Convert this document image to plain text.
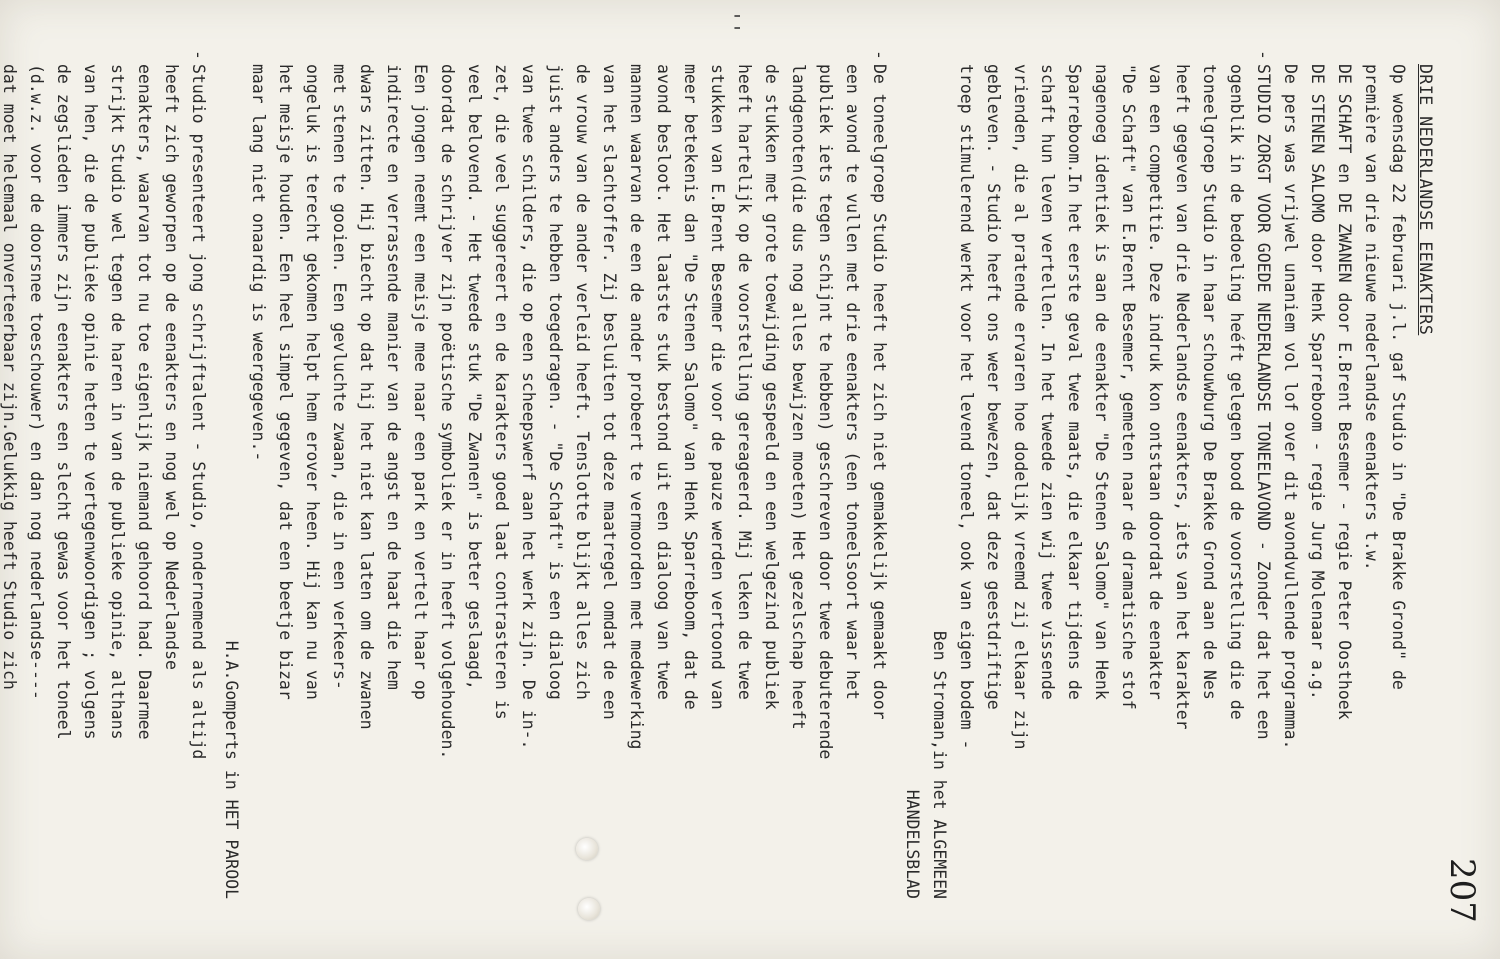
''
207
DRIE NEDERLANDSE EENAKTERS
Op woensdag 22 februari j.l. gaf Studio in "De Brakke Grond" de
première van drie nieuwe nederlandse eenakters t.w.
DE SCHAFT en DE ZWANEN door E.Brent Besemer - regie Peter Oosthoek
DE STENEN SALOMO door Henk Sparreboom - regie Jurg Molenaar a.g.
De pers was vrijwel unaniem vol lof over dit avondvullende programma.
-
STUDIO ZORGT VOOR GOEDE NEDERLANDSE TONEELAVOND - Zonder dat het een
ogenblik in de bedoeling heéft gelegen bood de voorstelling die de
toneelgroep Studio in haar schouwburg De Brakke Grond aan de Nes
heeft gegeven van drie Nederlandse eenakters, iets van het karakter
van een competitie. Deze indruk kon ontstaan doordat de eenakter
"De Schaft" van E.Brent Besemer, gemeten naar de dramatische stof
nagenoeg identiek is aan de eenakter "De Stenen Salomo" van Henk
Sparreboom.In het eerste geval twee maats, die elkaar tijdens de
schaft hun leven vertellen. In het tweede zien wij twee vissende
vrienden, die al pratende ervaren hoe dodelijk vreemd zij elkaar zijn
gebleven. - Studio heeft ons weer bewezen, dat deze geestdriftige
troep stimulerend werkt voor het levend toneel, ook van eigen bodem -
Ben Stroman,in het ALGEMEEN
HANDELSBLAD
-
De toneelgroep Studio heeft het zich niet gemakkelijk gemaakt door
een avond te vullen met drie eenakters (een toneelsoort waar het
publiek iets tegen schijnt te hebben) geschreven door twee debuterende
landgenoten(die dus nog alles bewijzen moeten) Het gezelschap heeft
de stukken met grote toewijding gespeeld en een welgezind publiek
heeft hartelijk op de voorstelling gereageerd. Mij leken de twee
stukken van E.Brent Besemer die voor de pauze werden vertoond van
meer betekenis dan "De Stenen Salomo" van Henk Sparreboom, dat de
avond besloot. Het laatste stuk bestond uit een dialoog van twee
mannen waarvan de een de ander probeert te vermoorden met medewerking
van het slachtoffer. Zij besluiten tot deze maatregel omdat de een
de vrouw van de ander verleid heeft. Tenslotte blijkt alles zich
juist anders te hebben toegedragen. - "De Schaft" is een dialoog
van twee schilders, die op een scheepswerf aan het werk zijn. De in-.
zet, die veel suggereert en de karakters goed laat contrasteren is
veel belovend. - Het tweede stuk "De Zwanen" is beter geslaagd,
doordat de schrijver zijn poëtische symboliek er in heeft volgehouden.
Een jongen neemt een meisje mee naar een park en vertelt haar op
indirecte en verrassende manier van de angst en de haat die hem
dwars zitten. Hij biecht op dat hij het niet kan laten om de zwanen
met stenen te gooien. Een gevluchte zwaan, die in een verkeers-
ongeluk is terecht gekomen helpt hem erover heen. Hij kan nu van
het meisje houden. Een heel simpel gegeven, dat een beetje bizar
maar lang niet onaardig is weergegeven.-
H.A.Gomperts in HET PAROOL
-
Studio presenteert jong schrijftalent - Studio, ondernemend als altijd
heeft zich geworpen op de eenakters en nog wel op Nederlandse
eenakters, waarvan tot nu toe eigenlijk niemand gehoord had. Daarmee
strijkt Studio wel tegen de haren in van de publieke opinie, althans
van hen, die de publieke opinie heten te vertegenwoordigen ; volgens
de zegslieden immers zijn eenakters een slecht gewas voor het toneel
(d.w.z. voor de doorsnee toeschouwer) en dan nog nederlandse----
dat moet helemaal onverteerbaar zijn.Gelukkig heeft Studio zich
